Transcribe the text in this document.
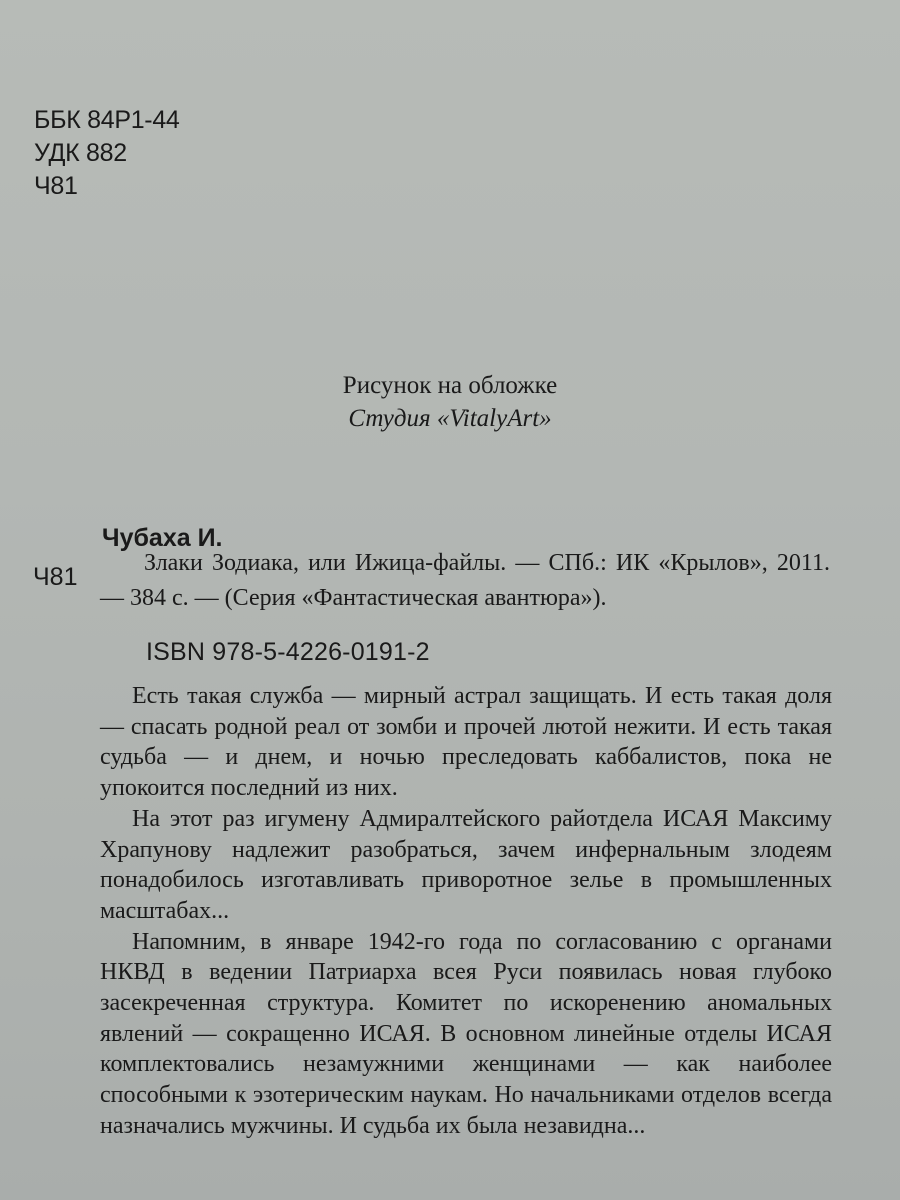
ББК 84Р1-44
УДК 882
Ч81
Рисунок на обложке
Студия «VitalyArt»
Чубаха И.
Ч81	Злаки Зодиака, или Ижица-файлы. — СПб.: ИК «Крылов», 2011. — 384 с. — (Серия «Фантастическая авантюра»).
ISBN 978-5-4226-0191-2

Есть такая служба — мирный астрал защищать. И есть такая доля — спасать родной реал от зомби и прочей лютой нежити. И есть такая судьба — и днем, и ночью преследовать каббалистов, пока не упокоится последний из них.

На этот раз игумену Адмиралтейского райотдела ИСАЯ Максиму Храпунову надлежит разобраться, зачем инфернальным злодеям понадобилось изготавливать приворотное зелье в промышленных масштабах...

Напомним, в январе 1942-го года по согласованию с органами НКВД в ведении Патриарха всея Руси появилась новая глубоко засекреченная структура. Комитет по искоренению аномальных явлений — сокращенно ИСАЯ. В основном линейные отделы ИСАЯ комплектовались незамужними женщинами — как наиболее способными к эзотерическим наукам. Но начальниками отделов всегда назначались мужчины. И судьба их была незавидна...
